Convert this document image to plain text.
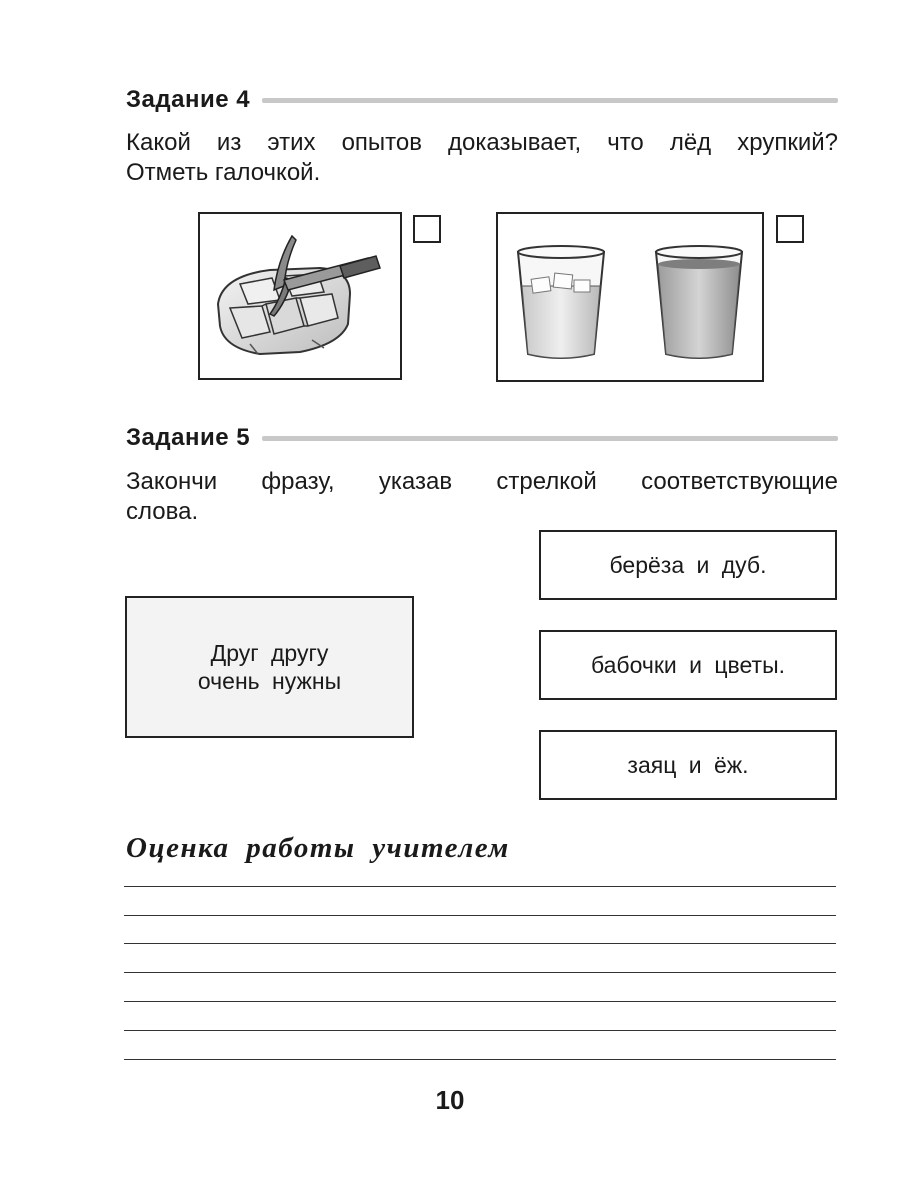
Задание 4
Какой из этих опытов доказывает, что лёд хрупкий?
Отметь галочкой.
Задание 5
Закончи фразу, указав стрелкой соответствующие
слова.
Друг другу
очень нужны
берёза и дуб.
бабочки и цветы.
заяц и ёж.
Оценка работы учителем
10
